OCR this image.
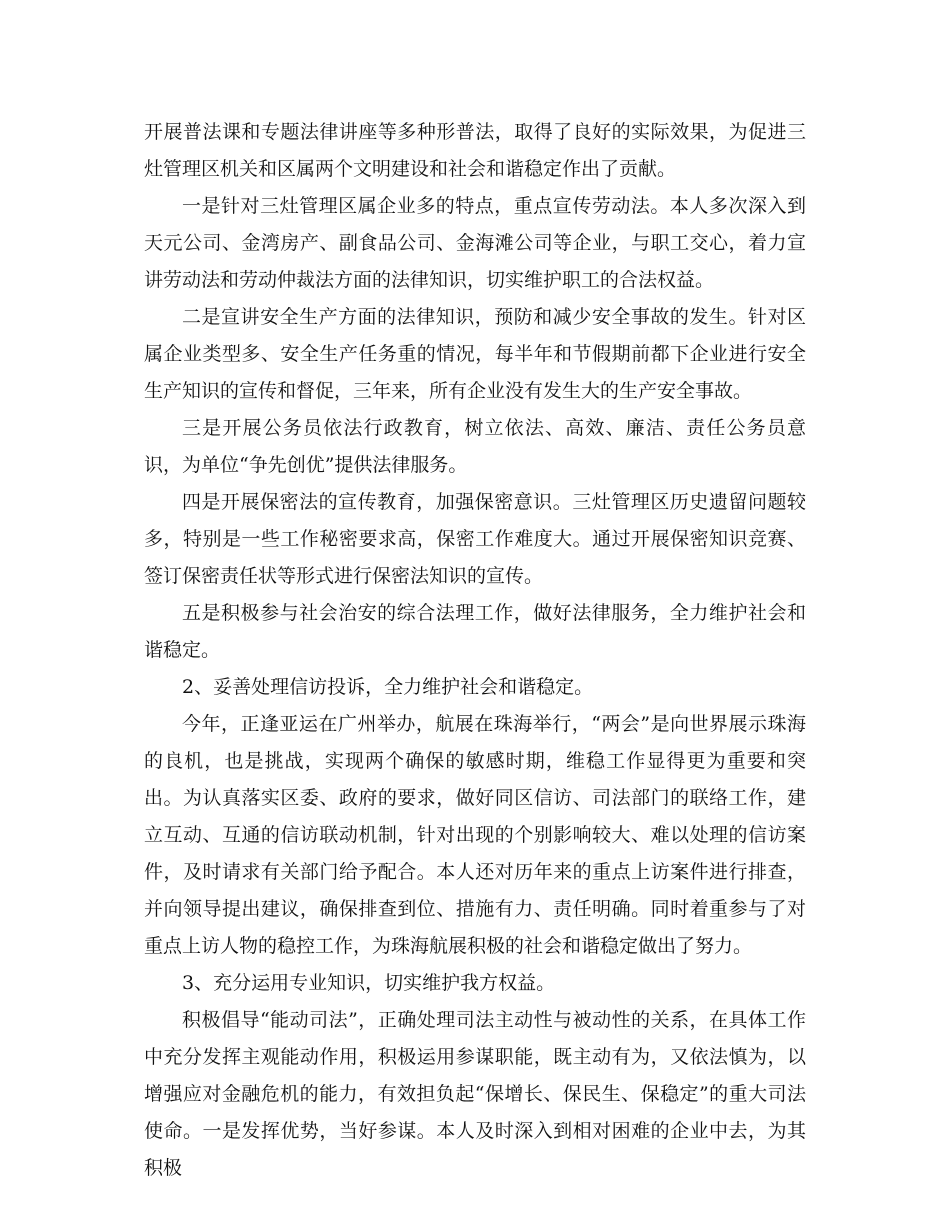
开展普法课和专题法律讲座等多种形普法，取得了良好的实际效果，为促进三灶管理区机关和区属两个文明建设和社会和谐稳定作出了贡献。

一是针对三灶管理区属企业多的特点，重点宣传劳动法。本人多次深入到天元公司、金湾房产、副食品公司、金海滩公司等企业，与职工交心，着力宣讲劳动法和劳动仲裁法方面的法律知识，切实维护职工的合法权益。

二是宣讲安全生产方面的法律知识，预防和减少安全事故的发生。针对区属企业类型多、安全生产任务重的情况，每半年和节假期前都下企业进行安全生产知识的宣传和督促，三年来，所有企业没有发生大的生产安全事故。

三是开展公务员依法行政教育，树立依法、高效、廉洁、责任公务员意识，为单位“争先创优”提供法律服务。

四是开展保密法的宣传教育，加强保密意识。三灶管理区历史遗留问题较多，特别是一些工作秘密要求高，保密工作难度大。通过开展保密知识竞赛、签订保密责任状等形式进行保密法知识的宣传。

五是积极参与社会治安的综合法理工作，做好法律服务，全力维护社会和谐稳定。

2、妥善处理信访投诉，全力维护社会和谐稳定。

今年，正逢亚运在广州举办，航展在珠海举行，“两会”是向世界展示珠海的良机，也是挑战，实现两个确保的敏感时期，维稳工作显得更为重要和突出。为认真落实区委、政府的要求，做好同区信访、司法部门的联络工作，建立互动、互通的信访联动机制，针对出现的个别影响较大、难以处理的信访案件，及时请求有关部门给予配合。本人还对历年来的重点上访案件进行排查，并向领导提出建议，确保排查到位、措施有力、责任明确。同时着重参与了对重点上访人物的稳控工作，为珠海航展积极的社会和谐稳定做出了努力。

3、充分运用专业知识，切实维护我方权益。

积极倡导“能动司法”，正确处理司法主动性与被动性的关系，在具体工作中充分发挥主观能动作用，积极运用参谋职能，既主动有为，又依法慎为，以增强应对金融危机的能力，有效担负起“保增长、保民生、保稳定”的重大司法使命。一是发挥优势，当好参谋。本人及时深入到相对困难的企业中去，为其积极
